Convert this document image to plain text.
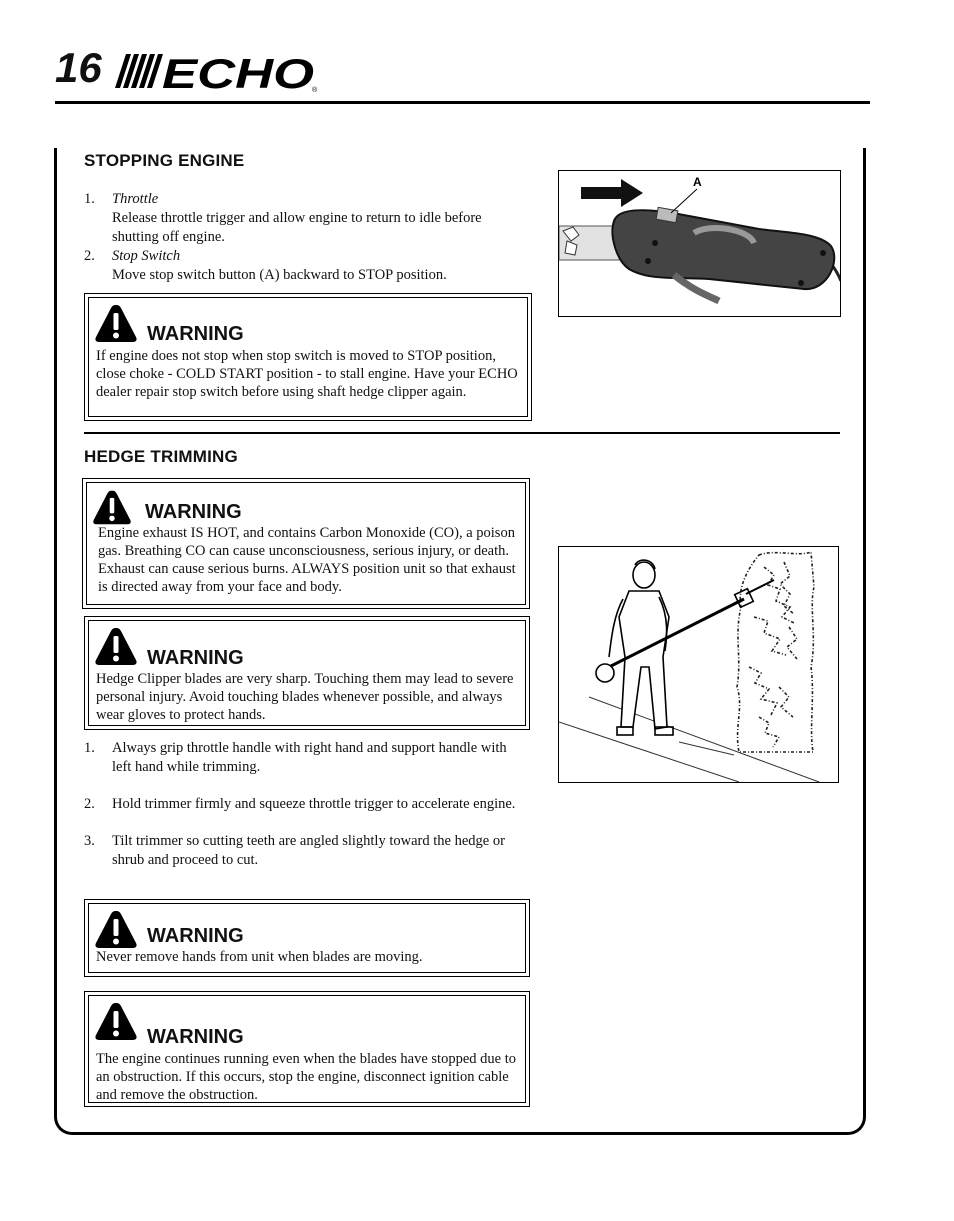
16 ECHO
®
STOPPING ENGINE
1. Throttle
Release throttle trigger and allow engine to return to idle before shutting off engine.
2. Stop Switch
Move stop switch button (A) backward to STOP position.
A
WARNING
If engine does not stop when stop switch is moved to STOP position, close choke - COLD START position - to stall engine. Have your ECHO dealer repair stop switch before using shaft hedge clipper again.
HEDGE TRIMMING
WARNING
Engine exhaust IS HOT, and contains Carbon Monoxide (CO), a poison gas. Breathing CO can cause unconsciousness, serious injury, or death. Exhaust can cause serious burns. ALWAYS position unit so that exhaust is directed away from your face and body.
WARNING
Hedge Clipper blades are very sharp. Touching them may lead to severe personal injury. Avoid touching blades whenever possible, and always wear gloves to protect hands.
1. Always grip throttle handle with right hand and support handle with left hand while trimming.
2. Hold trimmer firmly and squeeze throttle trigger to accelerate engine.
3. Tilt trimmer so cutting teeth are angled slightly toward the hedge or shrub and proceed to cut.
WARNING
Never remove hands from unit when blades are moving.
WARNING
The engine continues running even when the blades have stopped due to an obstruction. If this occurs, stop the engine, disconnect ignition cable and remove the obstruction.
